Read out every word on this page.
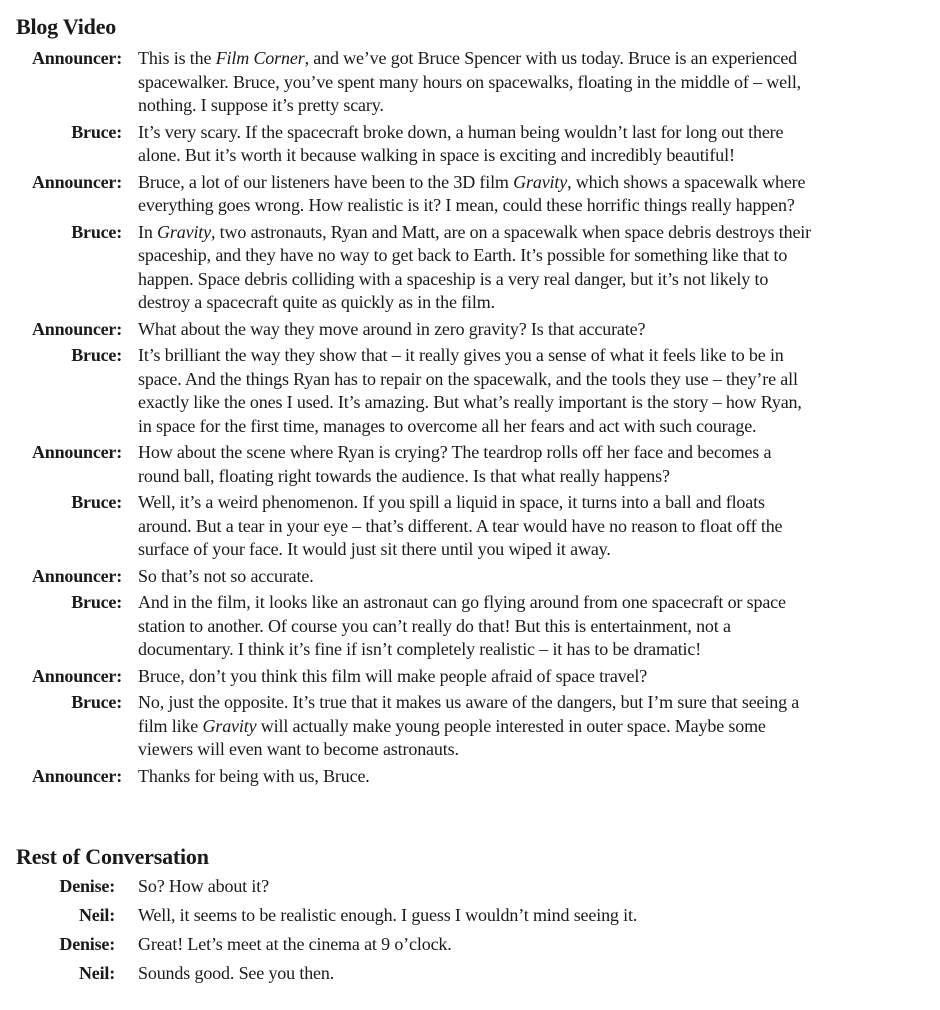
Blog Video
Announcer: This is the Film Corner, and we’ve got Bruce Spencer with us today. Bruce is an experienced
spacewalker. Bruce, you’ve spent many hours on spacewalks, floating in the middle of – well,
nothing. I suppose it’s pretty scary.
Bruce: It’s very scary. If the spacecraft broke down, a human being wouldn’t last for long out there
alone. But it’s worth it because walking in space is exciting and incredibly beautiful!
Announcer: Bruce, a lot of our listeners have been to the 3D film Gravity, which shows a spacewalk where
everything goes wrong. How realistic is it? I mean, could these horrific things really happen?
Bruce: In Gravity, two astronauts, Ryan and Matt, are on a spacewalk when space debris destroys their
spaceship, and they have no way to get back to Earth. It’s possible for something like that to
happen. Space debris colliding with a spaceship is a very real danger, but it’s not likely to
destroy a spacecraft quite as quickly as in the film.
Announcer: What about the way they move around in zero gravity? Is that accurate?
Bruce: It’s brilliant the way they show that – it really gives you a sense of what it feels like to be in
space. And the things Ryan has to repair on the spacewalk, and the tools they use – they’re all
exactly like the ones I used. It’s amazing. But what’s really important is the story – how Ryan,
in space for the first time, manages to overcome all her fears and act with such courage.
Announcer: How about the scene where Ryan is crying? The teardrop rolls off her face and becomes a
round ball, floating right towards the audience. Is that what really happens?
Bruce: Well, it’s a weird phenomenon. If you spill a liquid in space, it turns into a ball and floats
around. But a tear in your eye – that’s different. A tear would have no reason to float off the
surface of your face. It would just sit there until you wiped it away.
Announcer: So that’s not so accurate.
Bruce: And in the film, it looks like an astronaut can go flying around from one spacecraft or space
station to another. Of course you can’t really do that! But this is entertainment, not a
documentary. I think it’s fine if isn’t completely realistic – it has to be dramatic!
Announcer: Bruce, don’t you think this film will make people afraid of space travel?
Bruce: No, just the opposite. It’s true that it makes us aware of the dangers, but I’m sure that seeing a
film like Gravity will actually make young people interested in outer space. Maybe some
viewers will even want to become astronauts.
Announcer: Thanks for being with us, Bruce.
Rest of Conversation
Denise: So? How about it?
Neil: Well, it seems to be realistic enough. I guess I wouldn’t mind seeing it.
Denise: Great! Let’s meet at the cinema at 9 o’clock.
Neil: Sounds good. See you then.
